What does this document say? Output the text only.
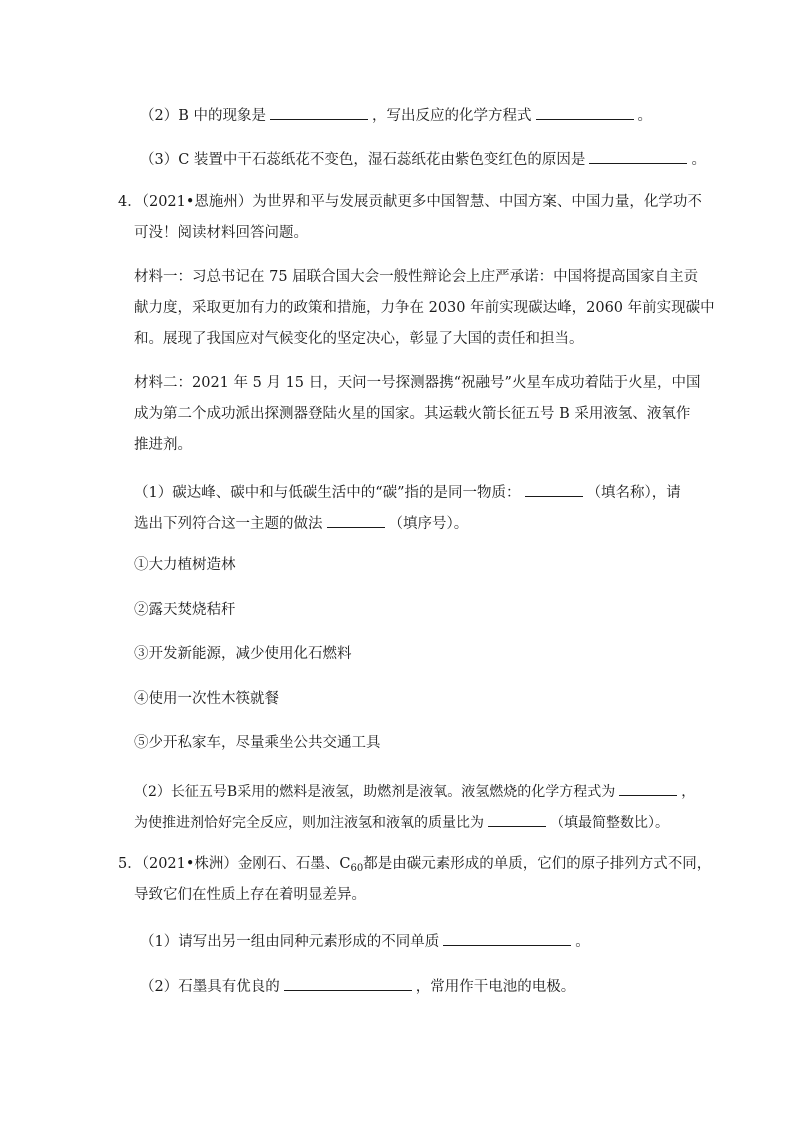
（2）B 中的现象是	，写出反应的化学方程式	。
（3）C 装置中干石蕊纸花不变色，湿石蕊纸花由紫色变红色的原因是	。
4．（2021•恩施州）为世界和平与发展贡献更多中国智慧、中国方案、中国力量，化学功不
可没！阅读材料回答问题。
材料一：习总书记在 75 届联合国大会一般性辩论会上庄严承诺：中国将提高国家自主贡
献力度，采取更加有力的政策和措施，力争在 2030 年前实现碳达峰，2060 年前实现碳中
和。展现了我国应对气候变化的坚定决心，彰显了大国的责任和担当。
材料二：2021 年 5 月 15 日，天问一号探测器携“祝融号”火星车成功着陆于火星，中国
成为第二个成功派出探测器登陆火星的国家。其运载火箭长征五号 B 采用液氢、液氧作
推进剂。
（1）碳达峰、碳中和与低碳生活中的“碳”指的是同一物质：	（填名称），请
选出下列符合这一主题的做法	（填序号）。
①大力植树造林
②露天焚烧秸秆
③开发新能源，减少使用化石燃料
④使用一次性木筷就餐
⑤少开私家车，尽量乘坐公共交通工具
（2）长征五号B采用的燃料是液氢，助燃剂是液氧。液氢燃烧的化学方程式为	，
为使推进剂恰好完全反应，则加注液氢和液氧的质量比为	（填最简整数比）。
5．（2021•株洲）金刚石、石墨、$C_{60}$都是由碳元素形成的单质，它们的原子排列方式不同，
导致它们在性质上存在着明显差异。
（1）请写出另一组由同种元素形成的不同单质	。
（2）石墨具有优良的	，常用作干电池的电极。
